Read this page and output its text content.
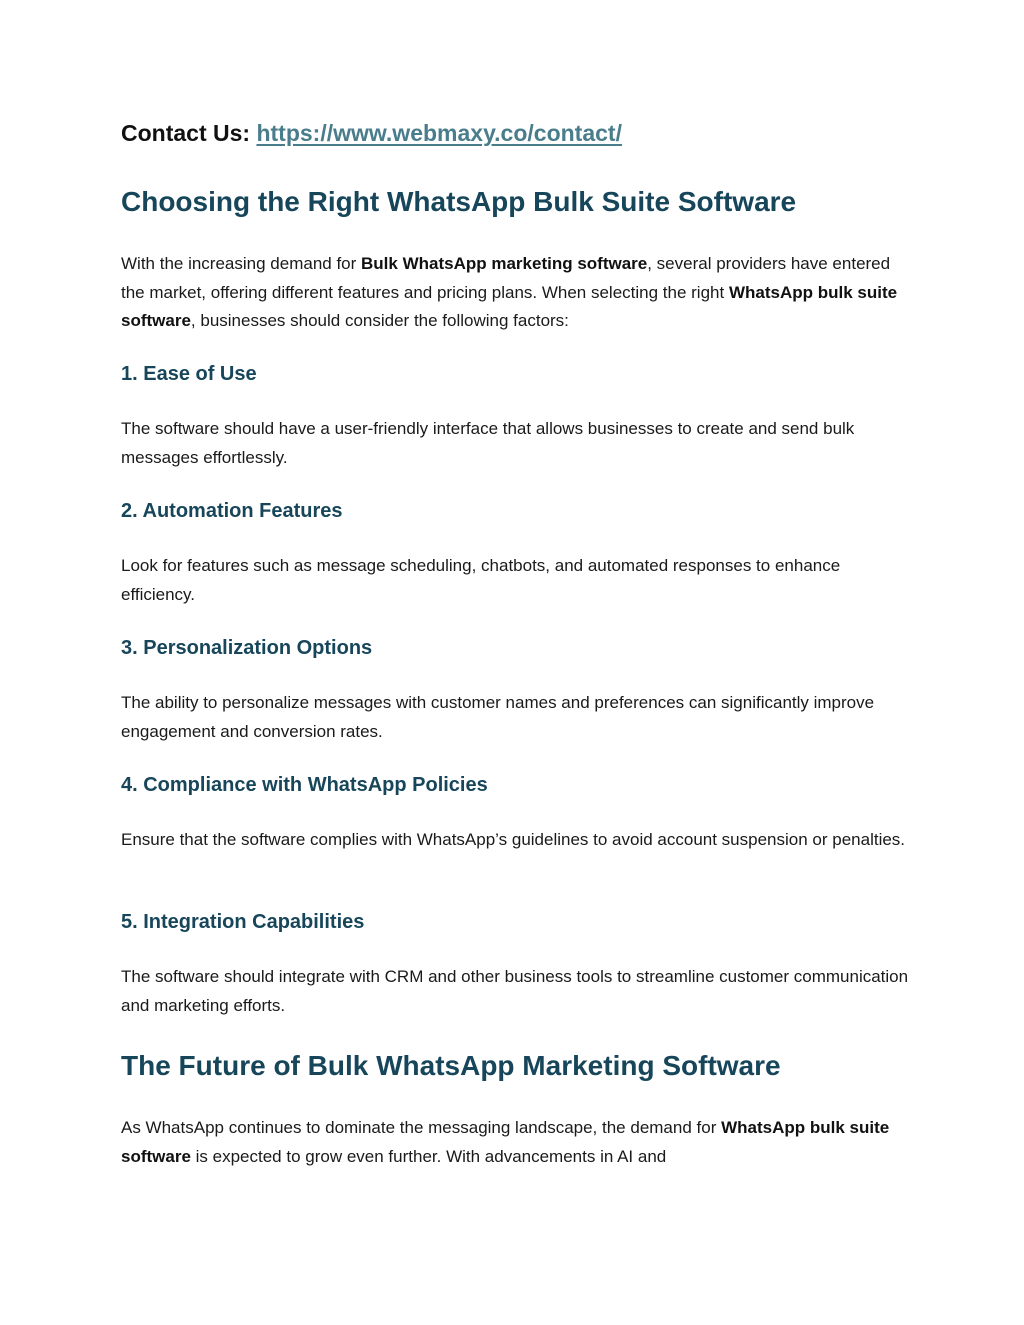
Contact Us: https://www.webmaxy.co/contact/
Choosing the Right WhatsApp Bulk Suite Software

With the increasing demand for Bulk WhatsApp marketing software, several providers have entered the market, offering different features and pricing plans. When selecting the right WhatsApp bulk suite software, businesses should consider the following factors:

1. Ease of Use

The software should have a user-friendly interface that allows businesses to create and send bulk messages effortlessly.

2. Automation Features

Look for features such as message scheduling, chatbots, and automated responses to enhance efficiency.

3. Personalization Options

The ability to personalize messages with customer names and preferences can significantly improve engagement and conversion rates.

4. Compliance with WhatsApp Policies

Ensure that the software complies with WhatsApp’s guidelines to avoid account suspension or penalties.

5. Integration Capabilities

The software should integrate with CRM and other business tools to streamline customer communication and marketing efforts.

The Future of Bulk WhatsApp Marketing Software

As WhatsApp continues to dominate the messaging landscape, the demand for WhatsApp bulk suite software is expected to grow even further. With advancements in AI and
